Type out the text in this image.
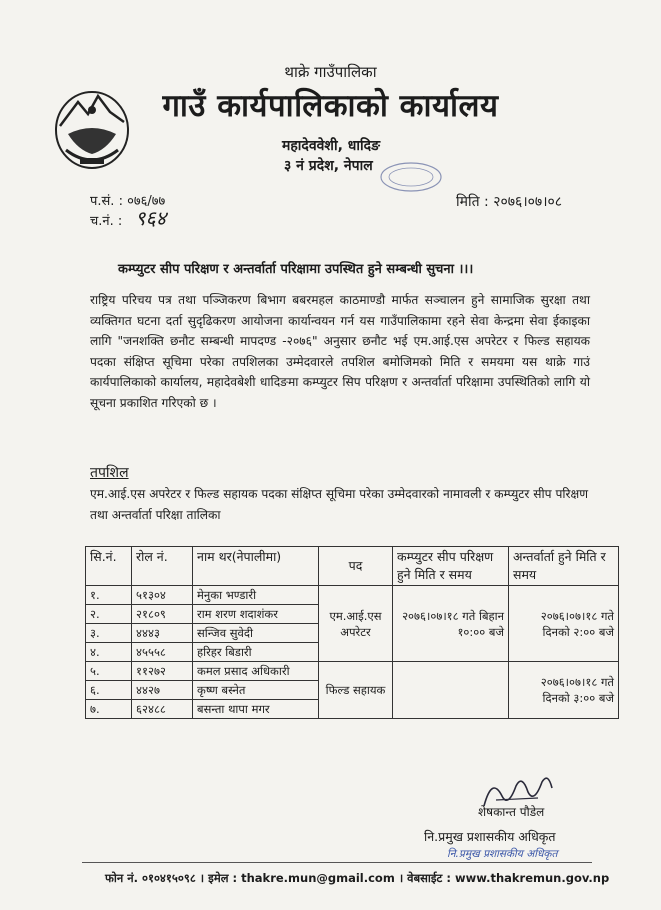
थाक्रे गाउँपालिका
गाउँ कार्यपालिकाको कार्यालय
महादेववेशी, धादिङ
३ नं प्रदेश, नेपाल
प.सं. : ०७६/७७
च.नं. : ९६४
मिति : २०७६।०७।०८
कम्प्युटर सीप परिक्षण र अन्तर्वार्ता परिक्षामा उपस्थित हुने सम्बन्धी सुचना ।।।
राष्ट्रिय परिचय पत्र तथा पञ्जिकरण बिभाग बबरमहल काठमाण्डौ मार्फत सञ्चालन हुने सामाजिक सुरक्षा तथा व्यक्तिगत घटना दर्ता सुदृढिकरण आयोजना कार्यान्वयन गर्न यस गाउँपालिकामा रहने सेवा केन्द्रमा सेवा ईकाइका लागि "जनशक्ति छनौट सम्बन्धी मापदण्ड -२०७६" अनुसार छनौट भई एम.आई.एस अपरेटर र फिल्ड सहायक पदका संक्षिप्त सूचिमा परेका तपशिलका उम्मेदवारले तपशिल बमोजिमको मिति र समयमा यस थाक्रे गाउं कार्यपालिकाको कार्यालय, महादेवबेशी धादिङमा कम्प्युटर सिप परिक्षण र अन्तर्वार्ता परिक्षामा उपस्थितिको लागि यो सूचना प्रकाशित गरिएको छ ।
तपशिल
एम.आई.एस अपरेटर र फिल्ड सहायक पदका संक्षिप्त सूचिमा परेका उम्मेदवारको नामावली र कम्प्युटर सीप परिक्षण तथा अन्तर्वार्ता परिक्षा तालिका
सि.नं.	रोल नं.	नाम थर(नेपालीमा)	पद	कम्प्युटर सीप परिक्षण हुने मिति र समय	अन्तर्वार्ता हुने मिति र समय
१.	५१३०४	मेनुका भण्डारी	एम.आई.एस अपरेटर	२०७६।०७।१८ गते बिहान १०:०० बजे	२०७६।०७।१८ गते दिनको २:०० बजे
२.	२१८०९	राम शरण शदाशंकर			
३.	४४४३	सन्जिव सुवेदी			
४.	४५५५८	हरिहर बिडारी			
५.	११२७२	कमल प्रसाद अधिकारी	फिल्ड सहायक		२०७६।०७।१८ गते दिनको ३:०० बजे
६.	४४२७	कृष्ण बस्नेत			
७.	६२४८८	बसन्ता थापा मगर			
शेषकान्त पौडेल
नि.प्रमुख प्रशासकीय अधिकृत
नि.प्रमुख प्रशासकीय अधिकृत
फोन नं. ०१०४१५०९८ । इमेल : thakre.mun@gmail.com । वेबसाईट : www.thakremun.gov.np
